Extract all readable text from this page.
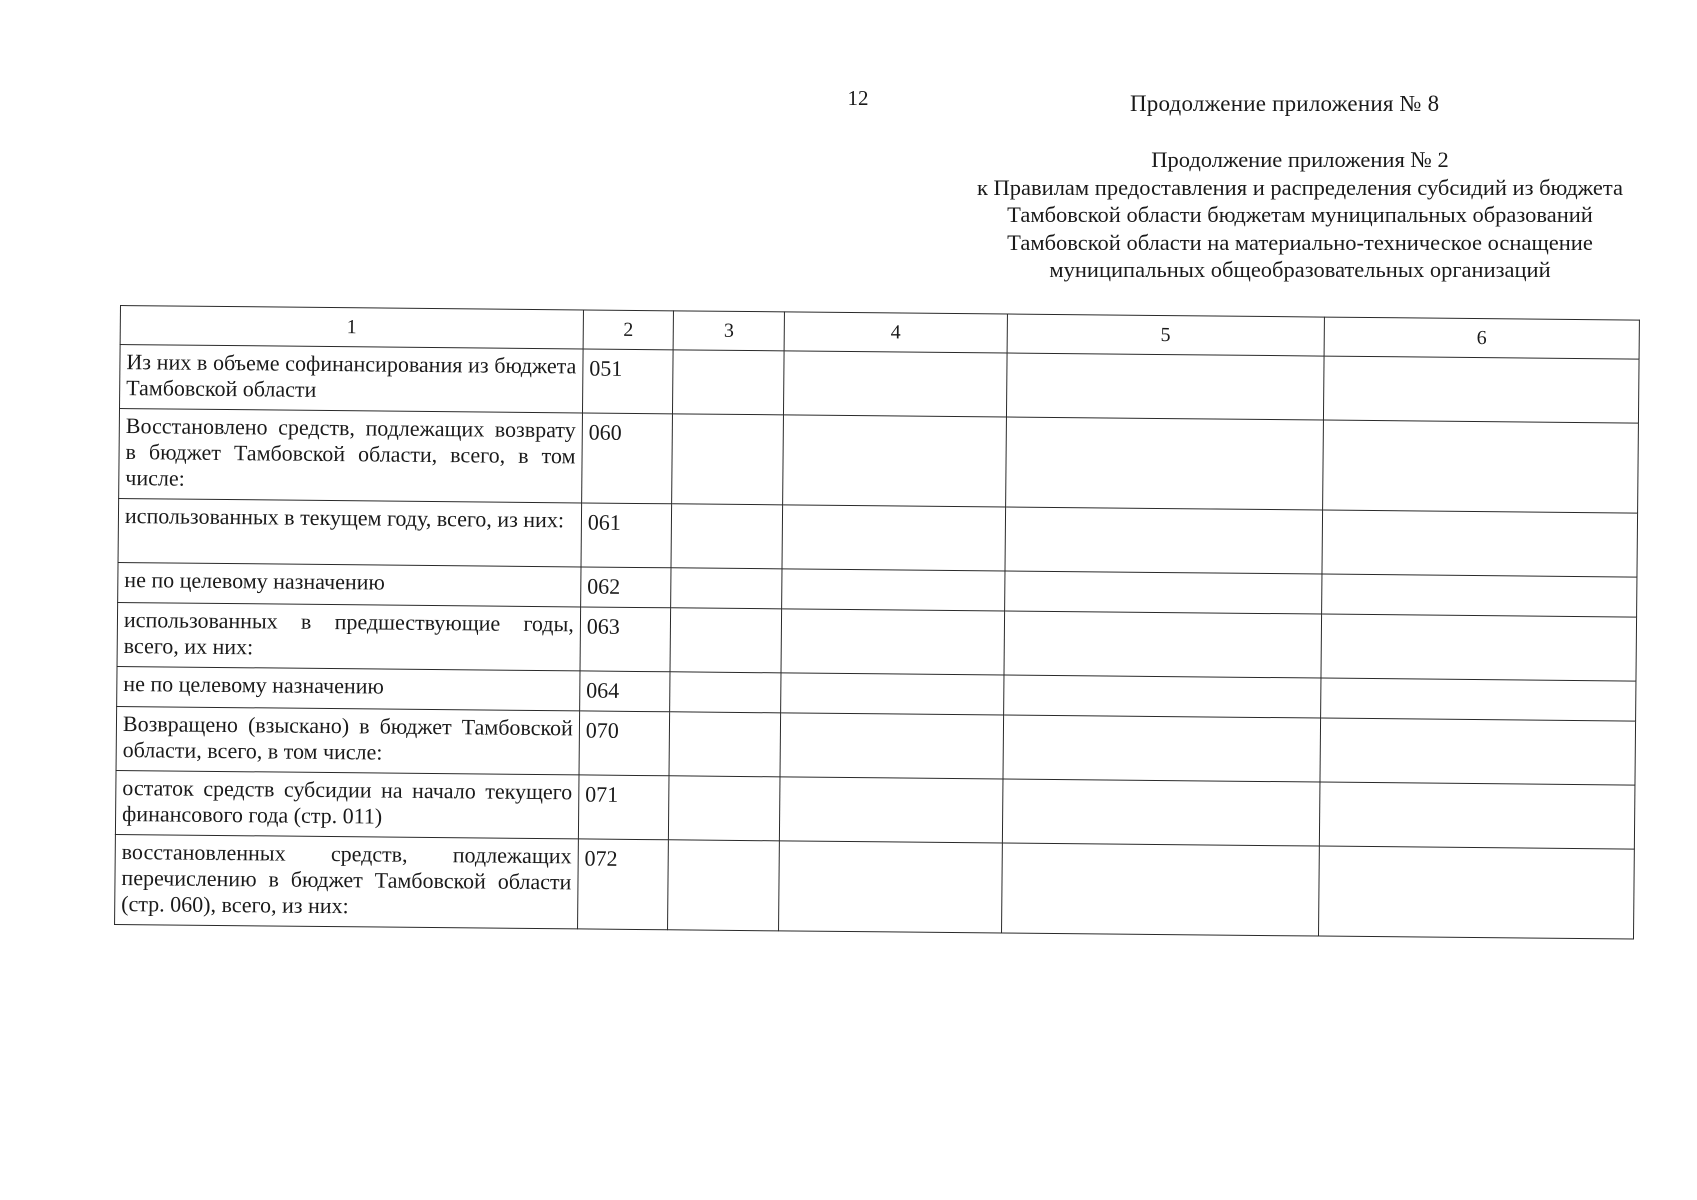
12	Продолжение приложения № 8
Продолжение приложения № 2
к Правилам предоставления и распределения субсидий из бюджета
Тамбовской области бюджетам муниципальных образований
Тамбовской области на материально-техническое оснащение
муниципальных общеобразовательных организаций
1	2	3	4	5	6
Из них в объеме софинансирования из бюджета Тамбовской области	051				
Восстановлено средств, подлежащих возврату в бюджет Тамбовской области, всего, в том числе:	060				
использованных в текущем году, всего, из них:	061				
не по целевому назначению	062				
использованных в предшествующие годы, всего, их них:	063				
не по целевому назначению	064				
Возвращено (взыскано) в бюджет Тамбовской области, всего, в том числе:	070				
остаток средств субсидии на начало текущего финансового года (стр. 011)	071				
восстановленных средств, подлежащих перечислению в бюджет Тамбовской области (стр. 060), всего, из них:	072				
